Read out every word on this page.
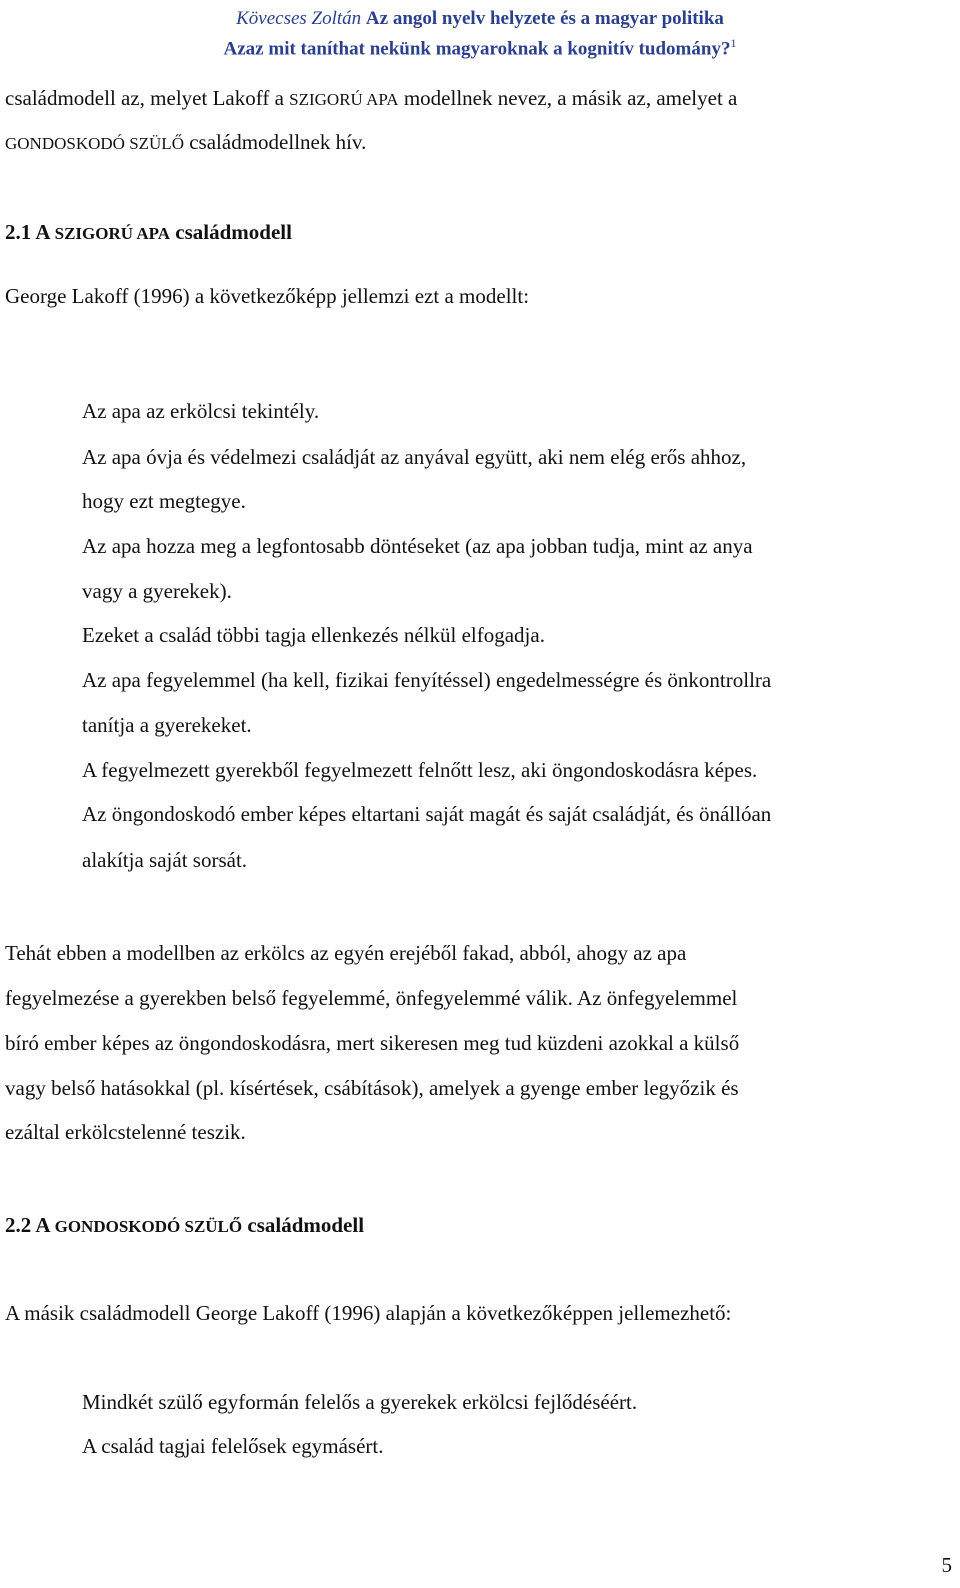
Kövecses Zoltán Az angol nyelv helyzete és a magyar politika
Azaz mit taníthat nekünk magyaroknak a kognitív tudomány?$^1$
családmodell az, melyet Lakoff a SZIGORÚ APA modellnek nevez, a másik az, amelyet a
GONDOSKODÓ SZÜLŐ családmodellnek hív.
2.1 A SZIGORÚ APA családmodell
George Lakoff (1996) a következőképp jellemzi ezt a modellt:
Az apa az erkölcsi tekintély.
Az apa óvja és védelmezi családját az anyával együtt, aki nem elég erős ahhoz,
hogy ezt megtegye.
Az apa hozza meg a legfontosabb döntéseket (az apa jobban tudja, mint az anya
vagy a gyerekek).
Ezeket a család többi tagja ellenkezés nélkül elfogadja.
Az apa fegyelemmel (ha kell, fizikai fenyítéssel) engedelmességre és önkontrollra
tanítja a gyerekeket.
A fegyelmezett gyerekből fegyelmezett felnőtt lesz, aki öngondoskodásra képes.
Az öngondoskodó ember képes eltartani saját magát és saját családját, és önállóan
alakítja saját sorsát.
Tehát ebben a modellben az erkölcs az egyén erejéből fakad, abból, ahogy az apa
fegyelmezése a gyerekben belső fegyelemmé, önfegyelemmé válik. Az önfegyelemmel
bíró ember képes az öngondoskodásra, mert sikeresen meg tud küzdeni azokkal a külső
vagy belső hatásokkal (pl. kísértések, csábítások), amelyek a gyenge ember legyőzik és
ezáltal erkölcstelenné teszik.
2.2 A GONDOSKODÓ SZÜLŐ családmodell
A másik családmodell George Lakoff (1996) alapján a következőképpen jellemezhető:
Mindkét szülő egyformán felelős a gyerekek erkölcsi fejlődéséért.
A család tagjai felelősek egymásért.
5
